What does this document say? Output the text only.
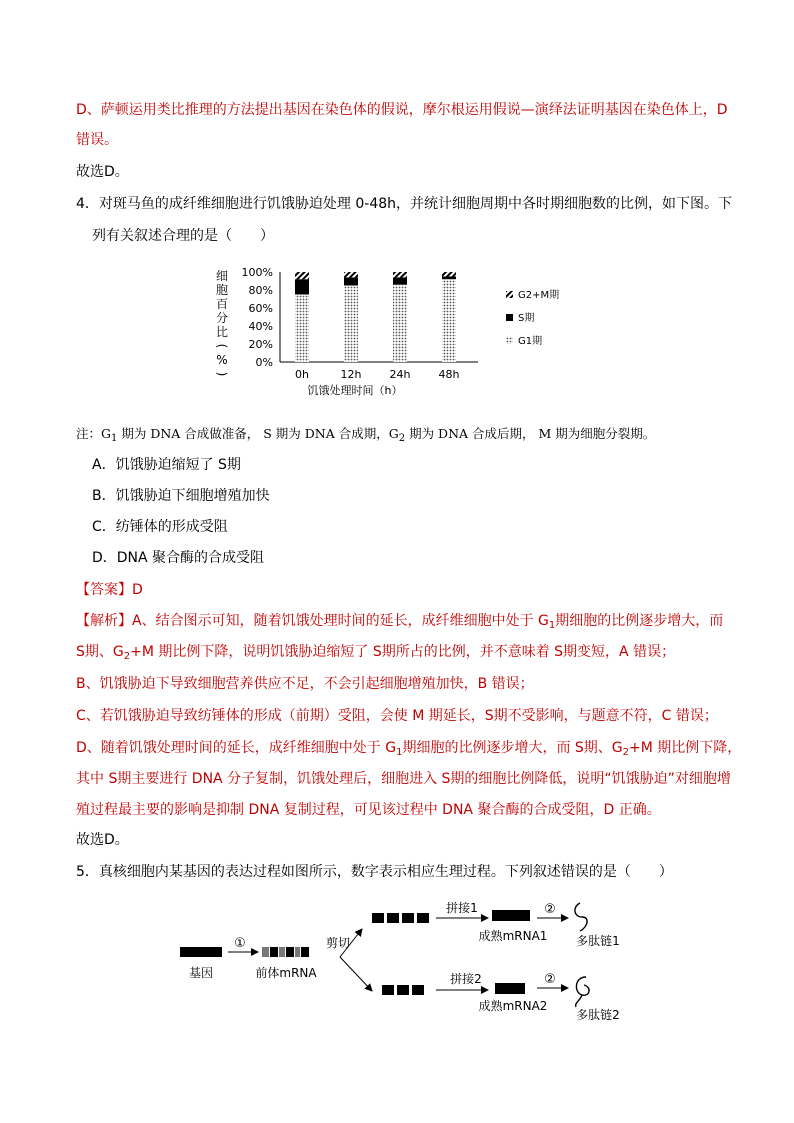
D、萨顿运用类比推理的方法提出基因在染色体的假说，摩尔根运用假说—演绎法证明基因在染色体上，D
错误。
故选D。
4．对斑马鱼的成纤维细胞进行饥饿胁迫处理 0-48h，并统计细胞周期中各时期细胞数的比例，如下图。下
列有关叙述合理的是（　　）
细
胞
百
分
比
(
%
)
0%
20%
40%
60%
80%
100%
0h	12h	24h	48h
饥饿处理时间（h）
G2+M期
S期
G1期
注：$G_1$ 期为 DNA 合成做准备， S 期为 DNA 合成期，$G_2$ 期为 DNA 合成后期， M 期为细胞分裂期。
A．饥饿胁迫缩短了 S期
B．饥饿胁迫下细胞增殖加快
C．纺锤体的形成受阻
D．DNA 聚合酶的合成受阻
【答案】D
【解析】A、结合图示可知，随着饥饿处理时间的延长，成纤维细胞中处于 $G_1$期细胞的比例逐步增大，而
S期、$G_2+M$ 期比例下降，说明饥饿胁迫缩短了 S期所占的比例，并不意味着 S期变短，A 错误；
B、饥饿胁迫下导致细胞营养供应不足，不会引起细胞增殖加快，B 错误；
C、若饥饿胁迫导致纺锤体的形成（前期）受阻，会使 M 期延长，S期不受影响，与题意不符，C 错误；
D、随着饥饿处理时间的延长，成纤维细胞中处于 $G_1$期细胞的比例逐步增大，而 S期、$G_2+M$ 期比例下降，
其中 S期主要进行 DNA 分子复制，饥饿处理后，细胞进入 S期的细胞比例降低，说明“饥饿胁迫”对细胞增
殖过程最主要的影响是抑制 DNA 复制过程，可见该过程中 DNA 聚合酶的合成受阻，D 正确。
故选D。
5．真核细胞内某基因的表达过程如图所示，数字表示相应生理过程。下列叙述错误的是（　　）
基因
①
前体mRNA
剪切
拼接1
成熟mRNA1
②
多肽链1
拼接2
成熟mRNA2
②
多肽链2
